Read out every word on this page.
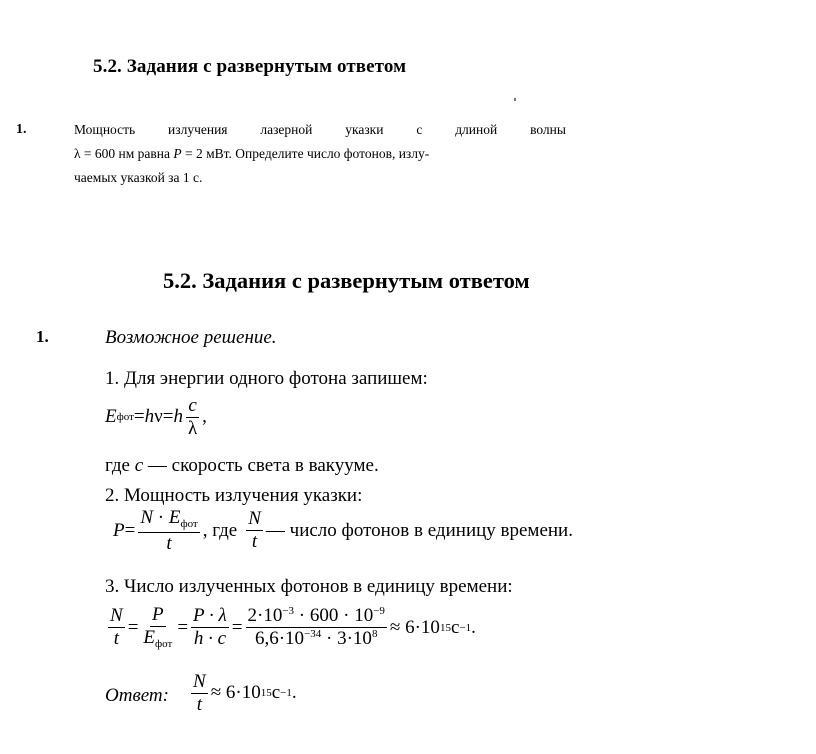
5.2. Задания с развернутым ответом
1.	Мощность излучения лазерной указки с длиной волны
λ = 600 нм равна P = 2 мВт. Определите число фотонов, излу-
чаемых указкой за 1 с.
5.2. Задания с развернутым ответом
1.	Возможное решение.
1. Для энергии одного фотона запишем:
E фот = h ν = h $\frac{c}{\lambda}$ ,
где c — скорость света в вакууме.
2. Мощность излучения указки:
$P = \frac{N \cdot E_{фот}}{t}$ , где $\frac{N}{t}$ — число фотонов в единицу времени.
3. Число излученных фотонов в единицу времени:
$\frac{N}{t} = \frac{P}{E_{фот}} = \frac{P \cdot \lambda}{h \cdot c} = \frac{2\cdot 10^{-3} \cdot 600 \cdot 10^{-9}}{6,6\cdot 10^{-34} \cdot 3\cdot 10^8} \approx 6\cdot 10$ 15 с −1 .
Ответ: $\frac{N}{t} \approx 6\cdot 10$ 15 с −1 .
